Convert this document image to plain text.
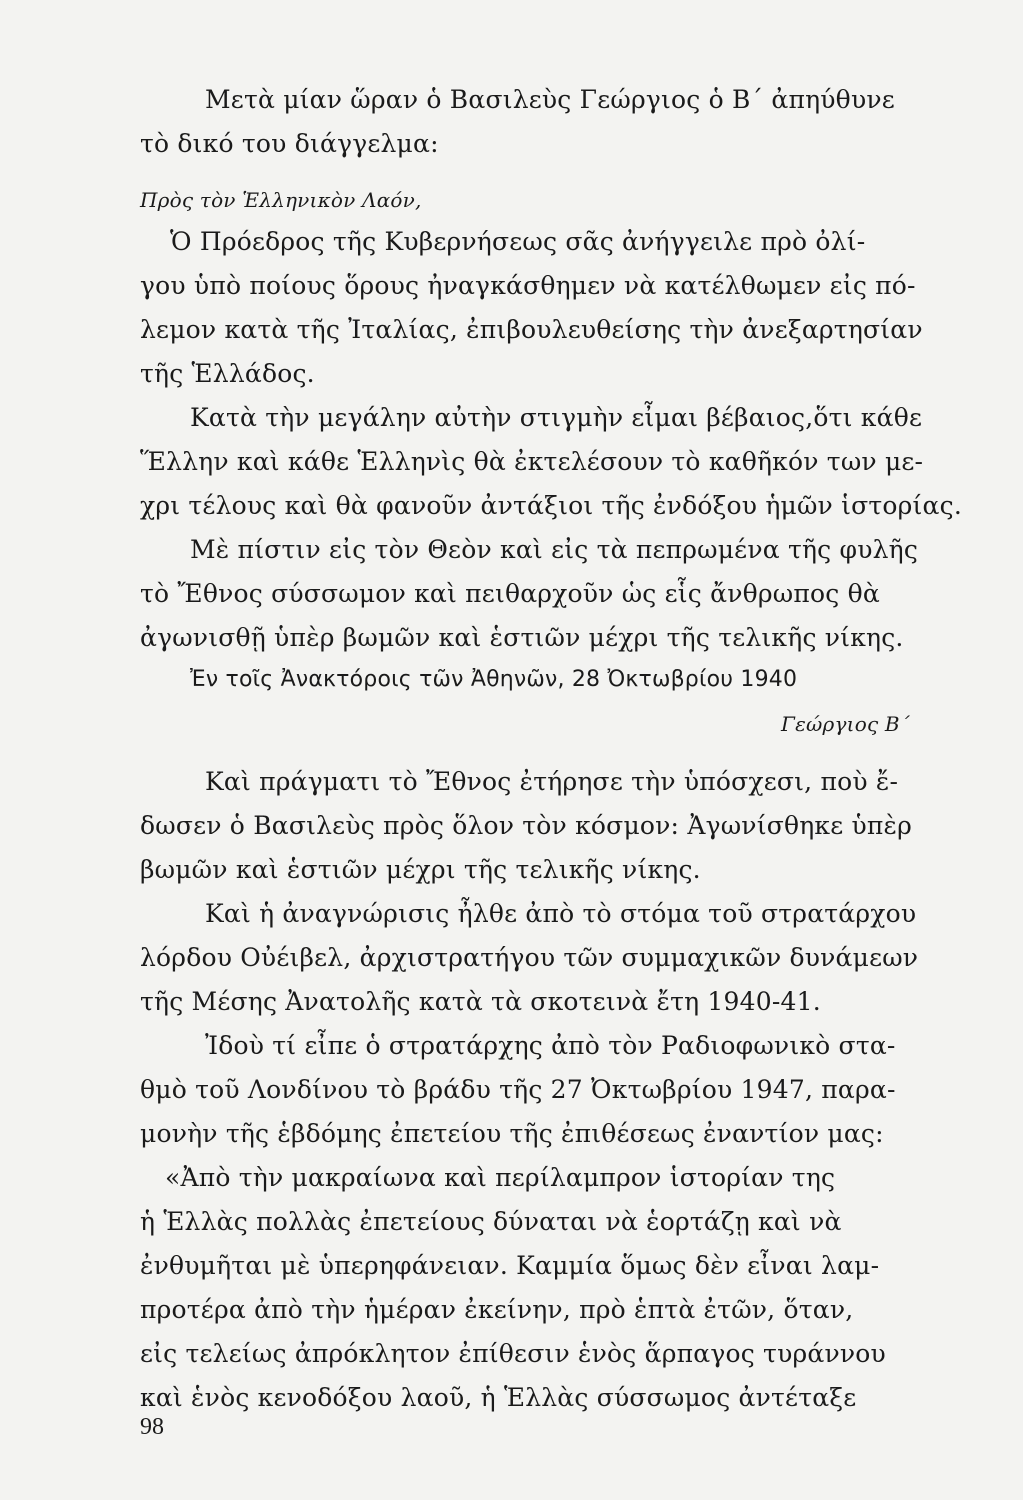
Μετὰ μίαν ὥραν ὁ Βασιλεὺς Γεώργιος ὁ Β΄ ἀπηύθυνε
τὸ δικό του διάγγελμα:
Πρὸς τὸν Ἑλληνικὸν Λαόν,
Ὁ Πρόεδρος τῆς Κυβερνήσεως σᾶς ἀνήγγειλε πρὸ ὀλί-
γου ὑπὸ ποίους ὅρους ἠναγκάσθημεν νὰ κατέλθωμεν εἰς πό-
λεμον κατὰ τῆς Ἰταλίας, ἐπιβουλευθείσης τὴν ἀνεξαρτησίαν
τῆς Ἑλλάδος.
Κατὰ τὴν μεγάλην αὐτὴν στιγμὴν εἶμαι βέβαιος,ὅτι κάθε
Ἕλλην καὶ κάθε Ἑλληνὶς θὰ ἐκτελέσουν τὸ καθῆκόν των με-
χρι τέλους καὶ θὰ φανοῦν ἀντάξιοι τῆς ἐνδόξου ἡμῶν ἱστορίας.
Μὲ πίστιν εἰς τὸν Θεὸν καὶ εἰς τὰ πεπρωμένα τῆς φυλῆς
τὸ Ἔθνος σύσσωμον καὶ πειθαρχοῦν ὡς εἷς ἄνθρωπος θὰ
ἀγωνισθῇ ὑπὲρ βωμῶν καὶ ἑστιῶν μέχρι τῆς τελικῆς νίκης.
Ἐν τοῖς Ἀνακτόροις τῶν Ἀθηνῶν, 28 Ὀκτωβρίου 1940
Γεώργιος Β΄
Καὶ πράγματι τὸ Ἔθνος ἐτήρησε τὴν ὑπόσχεσι, ποὺ ἔ-
δωσεν ὁ Βασιλεὺς πρὸς ὅλον τὸν κόσμον: Ἀγωνίσθηκε ὑπὲρ
βωμῶν καὶ ἑστιῶν μέχρι τῆς τελικῆς νίκης.
Καὶ ἡ ἀναγνώρισις ἦλθε ἀπὸ τὸ στόμα τοῦ στρατάρχου
λόρδου Οὐέιβελ, ἀρχιστρατήγου τῶν συμμαχικῶν δυνάμεων
τῆς Μέσης Ἀνατολῆς κατὰ τὰ σκοτεινὰ ἔτη 1940-41.
Ἰδοὺ τί εἶπε ὁ στρατάρχης ἀπὸ τὸν Ραδιοφωνικὸ στα-
θμὸ τοῦ Λονδίνου τὸ βράδυ τῆς 27 Ὀκτωβρίου 1947, παρα-
μονὴν τῆς ἑβδόμης ἐπετείου τῆς ἐπιθέσεως ἐναντίον μας:
«Ἀπὸ τὴν μακραίωνα καὶ περίλαμπρον ἱστορίαν της
ἡ Ἑλλὰς πολλὰς ἐπετείους δύναται νὰ ἑορτάζῃ καὶ νὰ
ἐνθυμῆται μὲ ὑπερηφάνειαν. Καμμία ὅμως δὲν εἶναι λαμ-
προτέρα ἀπὸ τὴν ἡμέραν ἐκείνην, πρὸ ἑπτὰ ἐτῶν, ὅταν,
εἰς τελείως ἀπρόκλητον ἐπίθεσιν ἑνὸς ἅρπαγος τυράννου
καὶ ἑνὸς κενοδόξου λαοῦ, ἡ Ἑλλὰς σύσσωμος ἀντέταξε
98
